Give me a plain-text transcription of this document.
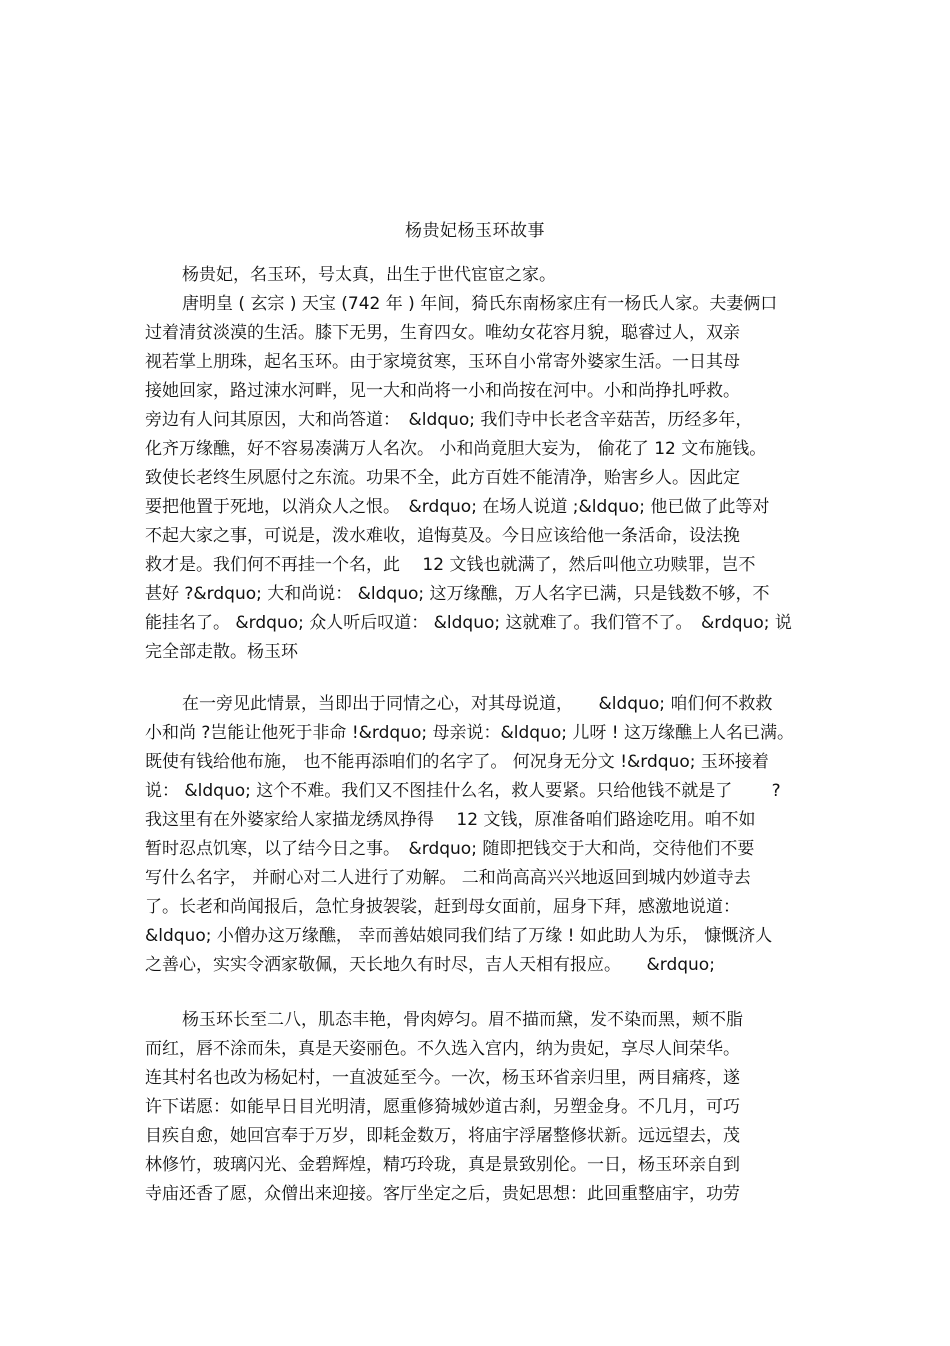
杨贵妃杨玉环故事
杨贵妃，名玉环，号太真，出生于世代宦宦之家。
唐明皇 ( 玄宗 ) 天宝 (742 年 ) 年间，猗氏东南杨家庄有一杨氏人家。夫妻俩口
过着清贫淡漠的生活。膝下无男，生育四女。唯幼女花容月貌，聪睿过人，双亲
视若掌上朋珠，起名玉环。由于家境贫寒，玉环自小常寄外婆家生活。一日其母
接她回家，路过涑水河畔，见一大和尚将一小和尚按在河中。小和尚挣扎呼救。
旁边有人问其原因，大和尚答道：　&ldquo; 我们寺中长老含辛菇苦，历经多年，
化齐万缘醮，好不容易凑满万人名次。 小和尚竟胆大妄为， 偷花了 12 文布施钱。
致使长老终生夙愿付之东流。功果不全，此方百姓不能清净，贻害乡人。因此定
要把他置于死地，以消众人之恨。　&rdquo; 在场人说道 ;&ldquo; 他已做了此等对
不起大家之事，可说是，泼水难收，追悔莫及。今日应该给他一条活命，设法挽
救才是。我们何不再挂一个名，此　 12 文钱也就满了，然后叫他立功赎罪，岂不
甚好 ?&rdquo; 大和尚说： &ldquo; 这万缘醮，万人名字已满，只是钱数不够，不
能挂名了。 &rdquo; 众人听后叹道： &ldquo; 这就难了。我们管不了。　&rdquo; 说
完全部走散。杨玉环
在一旁见此情景，当即出于同情之心，对其母说道，　　&ldquo; 咱们何不救救
小和尚 ?岂能让他死于非命 !&rdquo; 母亲说：&ldquo; 儿呀 ! 这万缘醮上人名已满。
既使有钱给他布施， 也不能再添咱们的名字了。 何况身无分文 !&rdquo; 玉环接着
说： &ldquo; 这个不难。我们又不图挂什么名，救人要紧。只给他钱不就是了　　 ?
我这里有在外婆家给人家描龙绣凤挣得　 12 文钱，原准备咱们路途吃用。咱不如
暂时忍点饥寒，以了结今日之事。　&rdquo; 随即把钱交于大和尚，交待他们不要
写什么名字， 并耐心对二人进行了劝解。 二和尚高高兴兴地返回到城内妙道寺去
了。长老和尚闻报后，急忙身披袈裟，赶到母女面前，屈身下拜，感激地说道：
&ldquo; 小僧办这万缘醮， 幸而善姑娘同我们结了万缘 ! 如此助人为乐， 慷慨济人
之善心，实实令洒家敬佩，天长地久有时尽，吉人天相有报应。　　&rdquo;
杨玉环长至二八，肌态丰艳，骨肉婷匀。眉不描而黛，发不染而黑，颊不脂
而红，唇不涂而朱，真是天姿丽色。不久选入宫内，纳为贵妃，享尽人间荣华。
连其村名也改为杨妃村，一直波延至今。一次，杨玉环省亲归里，两目痛疼，遂
许下诺愿：如能早日目光明清，愿重修猗城妙道古刹，另塑金身。不几月，可巧
目疾自愈，她回宫奉于万岁，即耗金数万，将庙宇浮屠整修状新。远远望去，茂
林修竹，玻璃闪光、金碧辉煌，精巧玲珑，真是景致别伦。一日，杨玉环亲自到
寺庙还香了愿，众僧出来迎接。客厅坐定之后，贵妃思想：此回重整庙宇，功劳
